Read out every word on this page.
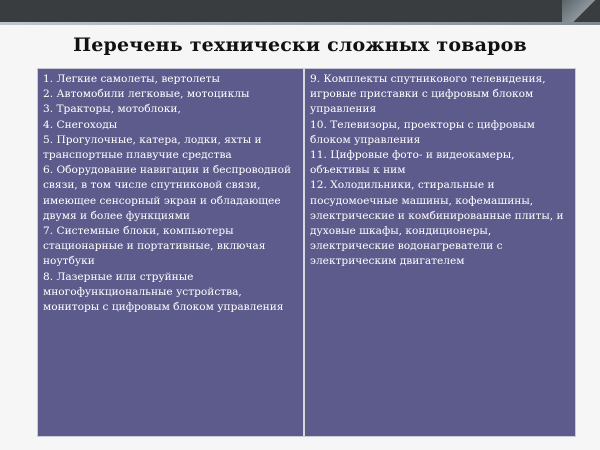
Перечень технически сложных товаров

1. Легкие самолеты, вертолеты

2. Автомобили легковые, мотоциклы

3. Тракторы, мотоблоки,

4. Снегоходы

5. Прогулочные, катера, лодки, яхты и транспортные плавучие средства

6. Оборудование навигации и беспроводной связи, в том числе спутниковой связи, имеющее сенсорный экран и обладающее двумя и более функциями

7. Системные блоки, компьютеры стационарные и портативные, включая ноутбуки

8. Лазерные или струйные многофункциональные устройства, мониторы с цифровым блоком управления

9. Комплекты спутникового телевидения, игровые приставки с цифровым блоком управления

10. Телевизоры, проекторы с цифровым блоком управления

11. Цифровые фото- и видеокамеры, объективы к ним

12. Холодильники, стиральные и посудомоечные машины, кофемашины, электрические и комбинированные плиты, и духовые шкафы, кондиционеры, электрические водонагреватели с электрическим двигателем
